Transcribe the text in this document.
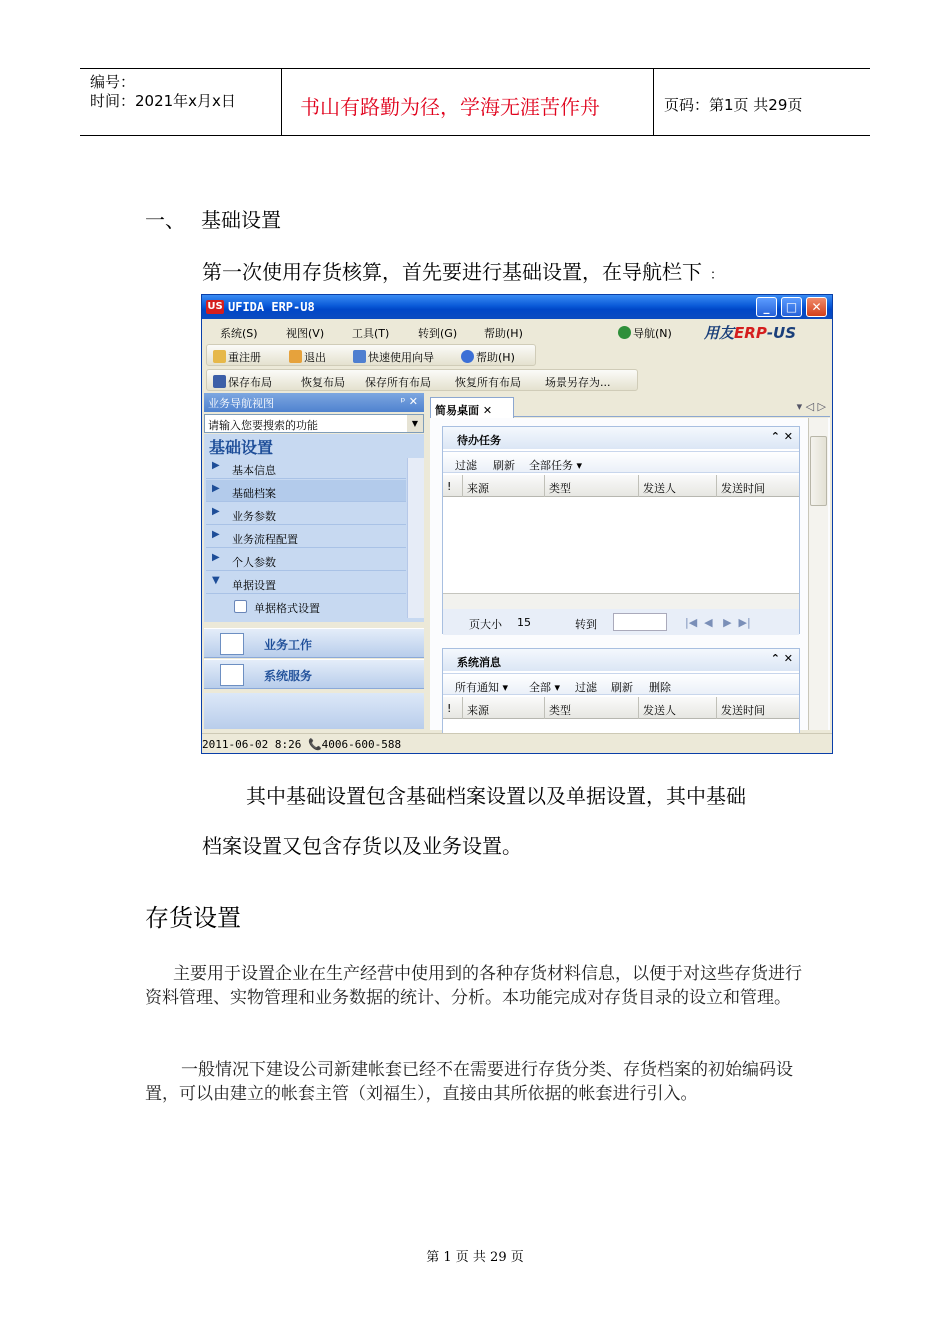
编号：
时间：2021年x月x日	书山有路勤为径，学海无涯苦作舟	页码：第1页 共29页
一、 基础设置
第一次使用存货核算，首先要进行基础设置，在导航栏下 ：
US UFIDA ERP-U8	_	□	✕
系统(S)	视图(V)	工具(T)	转到(G) 帮助(H)	导航(N) 用友ERP-US
重注册	退出	快速使用向导	帮助(H)
保存布局	恢复布局 保存所有布局 恢复所有布局 场景另存为...
业务导航视图	ᵖ ✕
请输入您要搜索的功能	▼
基础设置
▶ 基本信息
▶ 基础档案
▶ 业务参数
▶ 业务流程配置
▶ 个人参数
▼ 单据设置
单据格式设置
业务工作
系统服务
简易桌面 ✕	▾ ◁ ▷
待办任务	⌃ ✕
过滤 刷新 全部任务 ▾
! 来源	类型	发送人	发送时间
页大小 15	转到	|◀  ◀   ▶  ▶|
系统消息	⌃ ✕
所有通知 ▾ 全部 ▾ 过滤 刷新 删除
! 来源	类型	发送人	发送时间
2011-06-02 8:26 📞4006-600-588
其中基础设置包含基础档案设置以及单据设置，其中基础
档案设置又包含存货以及业务设置。
存货设置
主要用于设置企业在生产经营中使用到的各种存货材料信息，以便于对这些存货进行资料管理、实物管理和业务数据的统计、分析。本功能完成对存货目录的设立和管理。
一般情况下建设公司新建帐套已经不在需要进行存货分类、存货档案的初始编码设置，可以由建立的帐套主管（刘福生），直接由其所依据的帐套进行引入。
第 1 页 共 29 页
